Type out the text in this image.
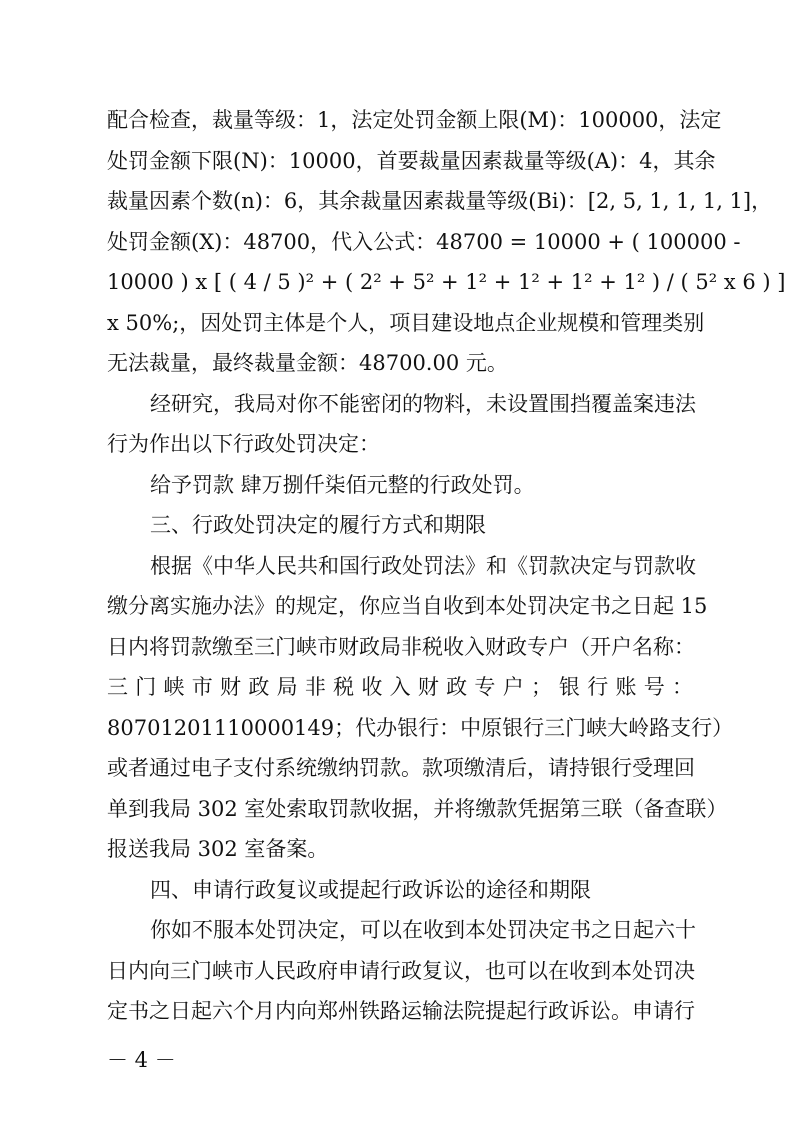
配合检查，裁量等级：1，法定处罚金额上限(M)：100000，法定
处罚金额下限(N)：10000，首要裁量因素裁量等级(A)：4，其余
裁量因素个数(n)：6，其余裁量因素裁量等级(Bi)：[2, 5, 1, 1, 1, 1]，
处罚金额(X)：48700，代入公式：48700 = 10000 + ( 100000 -
10000 ) x [ ( 4 / 5 )² + ( 2² + 5² + 1² + 1² + 1² + 1² ) / ( 5² x 6 ) ]
x 50%;，因处罚主体是个人，项目建设地点企业规模和管理类别
无法裁量，最终裁量金额：48700.00 元。
经研究，我局对你不能密闭的物料，未设置围挡覆盖案违法
行为作出以下行政处罚决定：
给予罚款 肆万捌仟柒佰元整的行政处罚。
三、行政处罚决定的履行方式和期限
根据《中华人民共和国行政处罚法》和《罚款决定与罚款收
缴分离实施办法》的规定，你应当自收到本处罚决定书之日起 15
日内将罚款缴至三门峡市财政局非税收入财政专户（开户名称：
三 门 峡 市 财 政 局 非 税 收 入 财 政 专 户 ； 银 行 账 号 ：
80701201110000149；代办银行：中原银行三门峡大岭路支行）
或者通过电子支付系统缴纳罚款。款项缴清后，请持银行受理回
单到我局 302 室处索取罚款收据，并将缴款凭据第三联（备查联）
报送我局 302 室备案。
四、申请行政复议或提起行政诉讼的途径和期限
你如不服本处罚决定，可以在收到本处罚决定书之日起六十
日内向三门峡市人民政府申请行政复议，也可以在收到本处罚决
定书之日起六个月内向郑州铁路运输法院提起行政诉讼。申请行
－ 4 －
